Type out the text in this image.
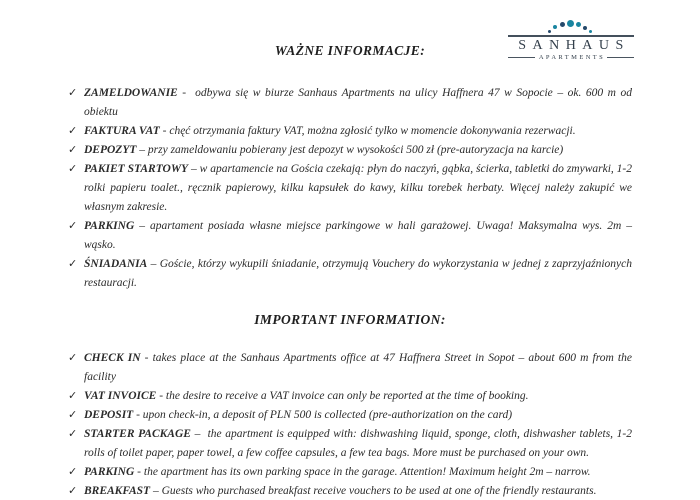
SANHAUS
APARTMENTS
WAŻNE INFORMACJE:
✓ ZAMELDOWANIE -  odbywa się w biurze Sanhaus Apartments na ulicy Haffnera 47 w Sopocie – ok. 600 m od obiektu
✓ FAKTURA VAT - chęć otrzymania faktury VAT, można zgłosić tylko w momencie dokonywania rezerwacji.
✓ DEPOZYT – przy zameldowaniu pobierany jest depozyt w wysokości 500 zł (pre-autoryzacja na karcie)
✓ PAKIET STARTOWY – w apartamencie na Gościa czekają: płyn do naczyń, gąbka, ścierka, tabletki do zmywarki, 1-2 rolki papieru toalet., ręcznik papierowy, kilku kapsułek do kawy, kilku torebek herbaty. Więcej należy zakupić we własnym zakresie.
✓ PARKING – apartament posiada własne miejsce parkingowe w hali garażowej. Uwaga! Maksymalna wys. 2m – wąsko.
✓ ŚNIADANIA – Goście, którzy wykupili śniadanie, otrzymują Vouchery do wykorzystania w jednej z zaprzyjaźnionych restauracji.
IMPORTANT INFORMATION:
✓ CHECK IN - takes place at the Sanhaus Apartments office at 47 Haffnera Street in Sopot – about 600 m from the facility
✓ VAT INVOICE - the desire to receive a VAT invoice can only be reported at the time of booking.
✓ DEPOSIT - upon check-in, a deposit of PLN 500 is collected (pre-authorization on the card)
✓ STARTER PACKAGE –  the apartment is equipped with: dishwashing liquid, sponge, cloth, dishwasher tablets, 1-2 rolls of toilet paper, paper towel, a few coffee capsules, a few tea bags. More must be purchased on your own.
✓ PARKING - the apartment has its own parking space in the garage. Attention! Maximum height 2m – narrow.
✓ BREAKFAST – Guests who purchased breakfast receive vouchers to be used at one of the friendly restaurants.
